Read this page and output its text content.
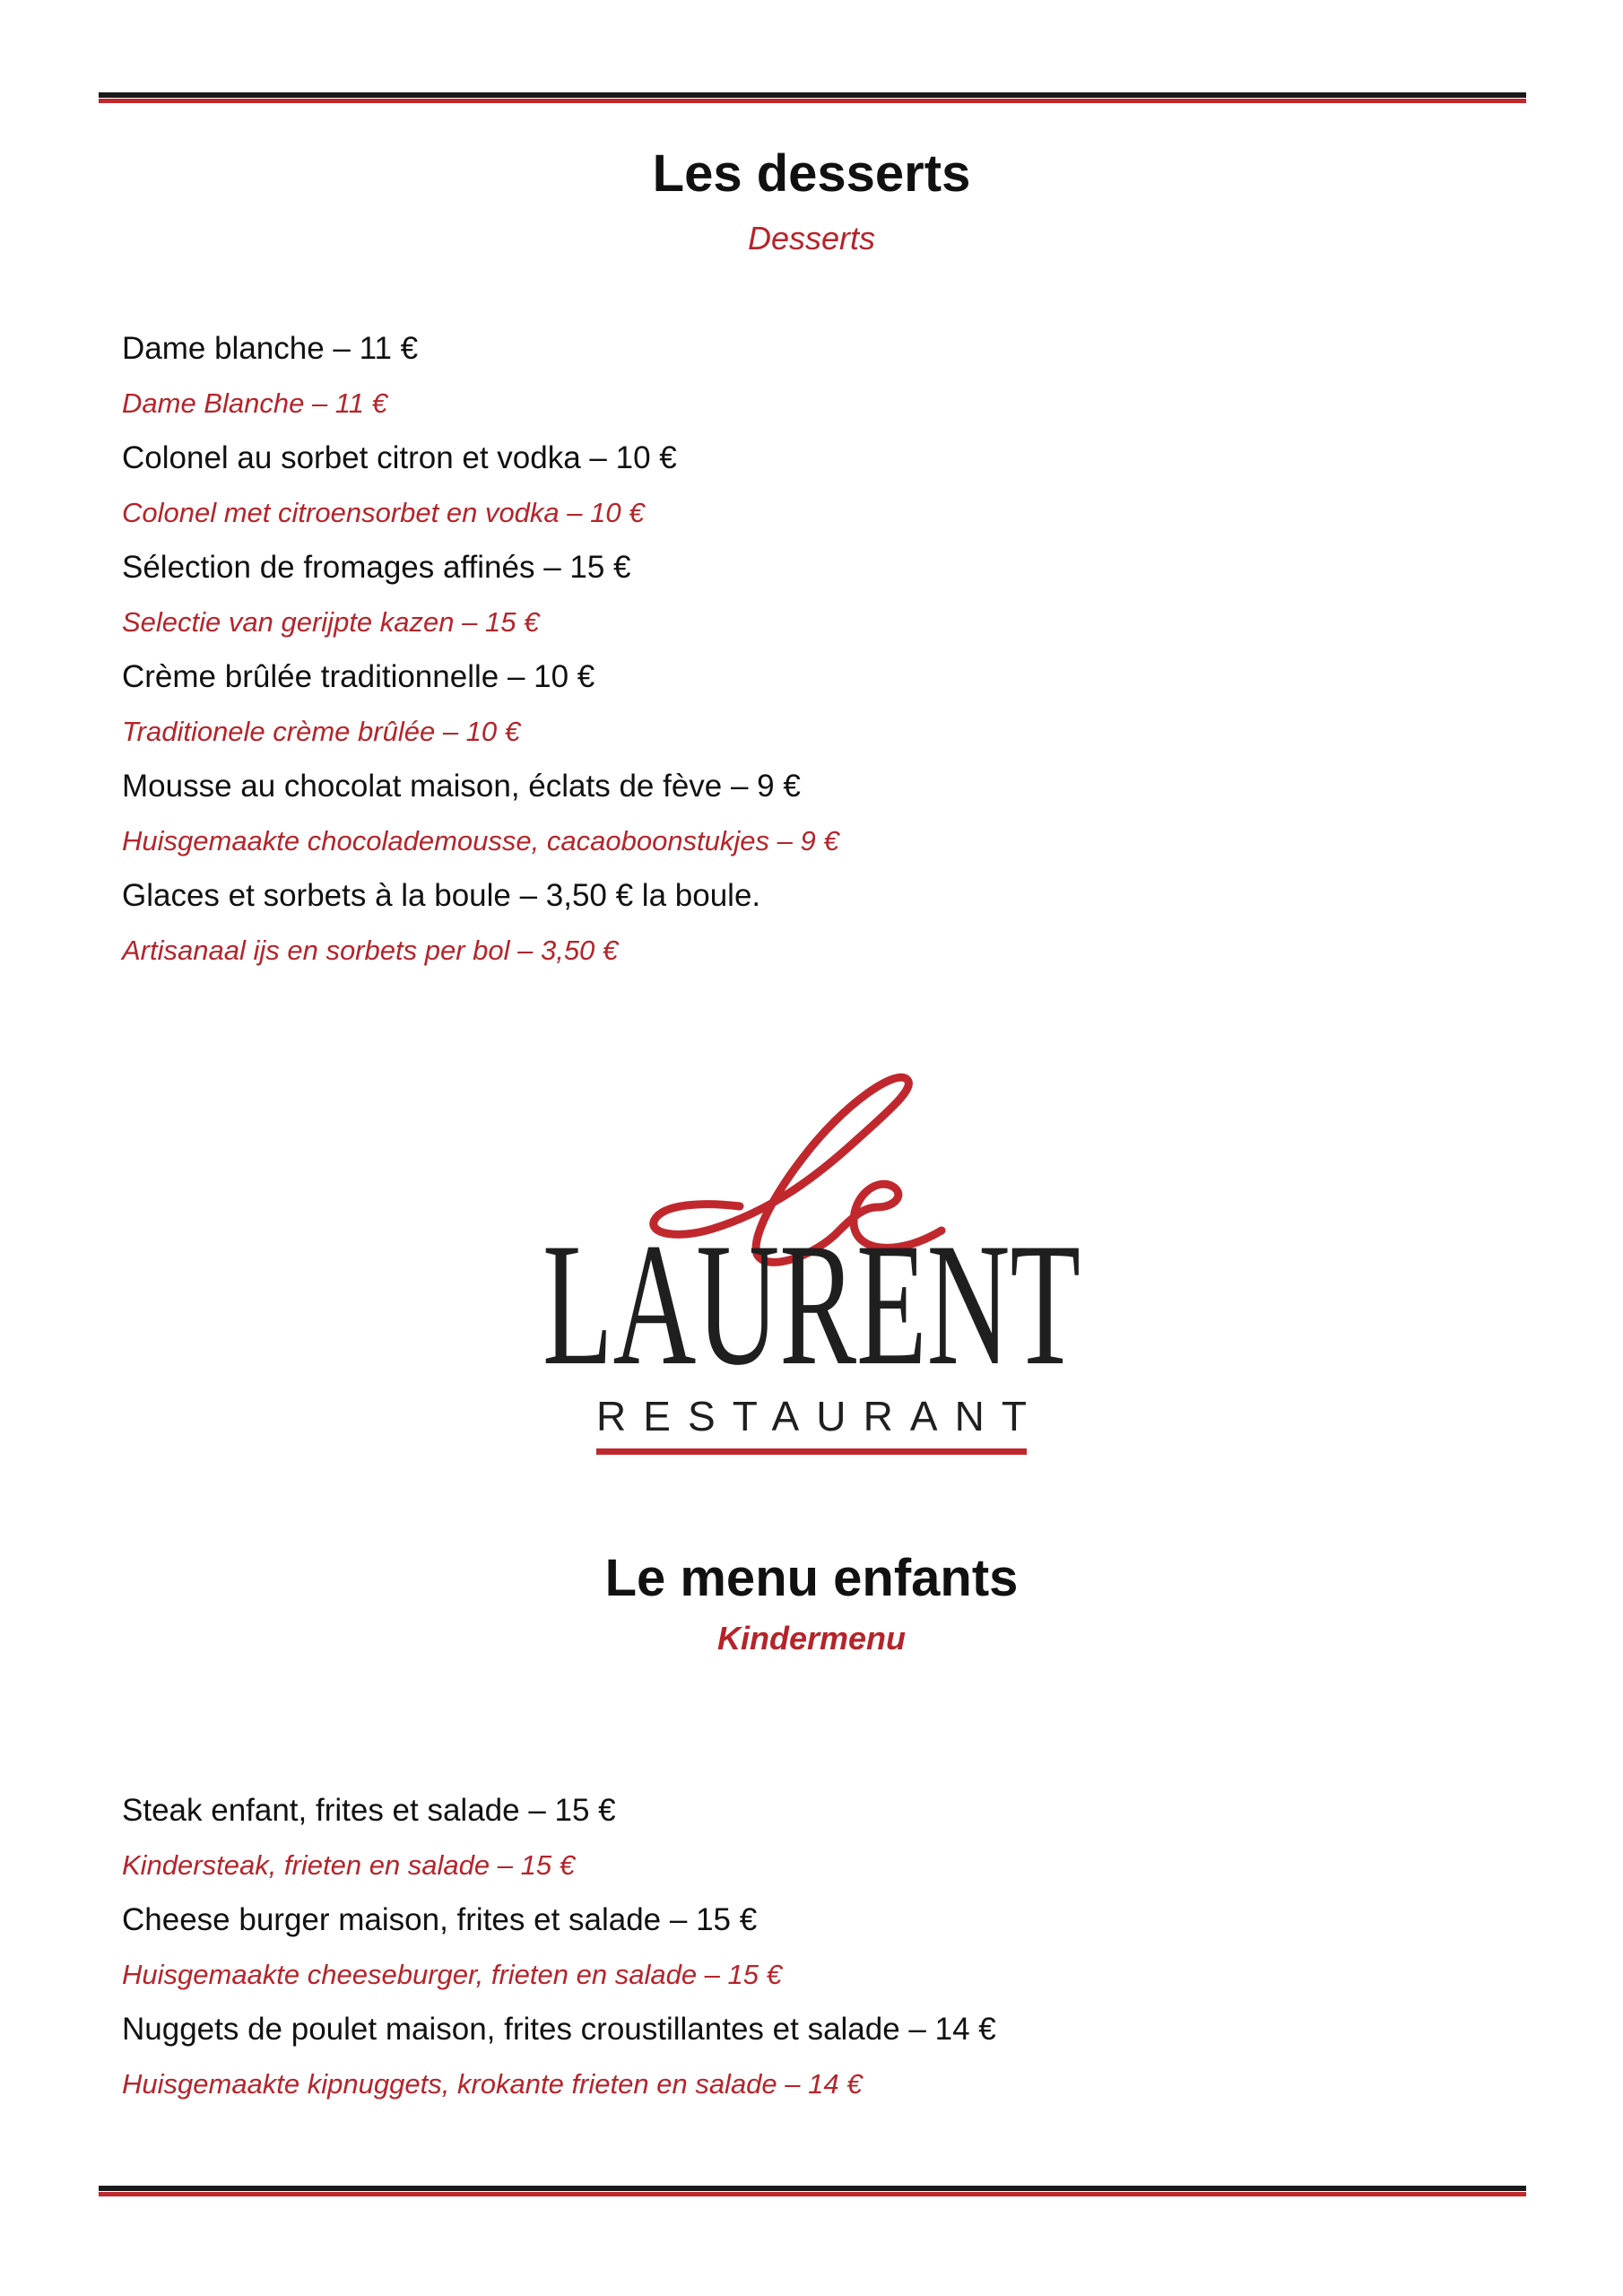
Les desserts
Desserts
Dame blanche – 11 €
Dame Blanche – 11 €
Colonel au sorbet citron et vodka – 10 €
Colonel met citroensorbet en vodka – 10 €
Sélection de fromages affinés – 15 €
Selectie van gerijpte kazen – 15 €
Crème brûlée traditionnelle – 10 €
Traditionele crème brûlée – 10 €
Mousse au chocolat maison, éclats de fève – 9 €
Huisgemaakte chocolademousse, cacaoboonstukjes – 9 €
Glaces et sorbets à la boule – 3,50 € la boule.
Artisanaal ijs en sorbets per bol – 3,50 €
LAURENT
RESTAURANT
Le menu enfants
Kindermenu
Steak enfant, frites et salade – 15 €
Kindersteak, frieten en salade – 15 €
Cheese burger maison, frites et salade – 15 €
Huisgemaakte cheeseburger, frieten en salade – 15 €
Nuggets de poulet maison, frites croustillantes et salade – 14 €
Huisgemaakte kipnuggets, krokante frieten en salade – 14 €
